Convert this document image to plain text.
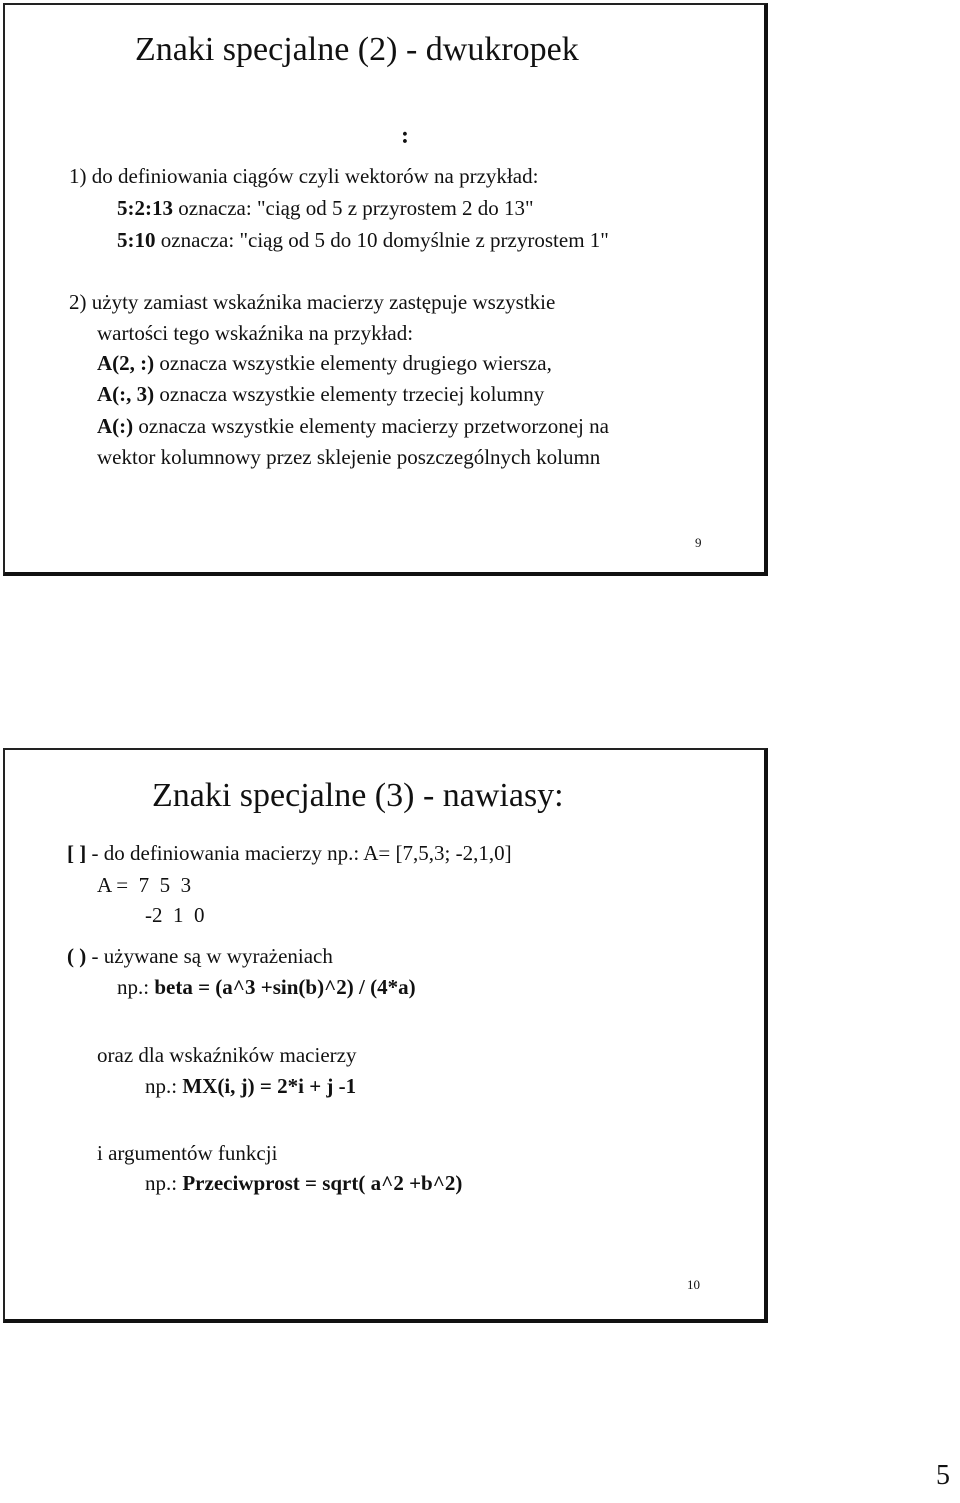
Znaki specjalne (2) - dwukropek
:
1) do definiowania ciągów czyli wektorów na przykład:
5:2:13 oznacza: "ciąg od 5 z przyrostem 2 do 13"
5:10 oznacza: "ciąg od 5 do 10 domyślnie z przyrostem 1"
2) użyty zamiast wskaźnika macierzy zastępuje wszystkie
wartości tego wskaźnika na przykład:
A(2, :) oznacza wszystkie elementy drugiego wiersza,
A(:, 3) oznacza wszystkie elementy trzeciej kolumny
A(:) oznacza wszystkie elementy macierzy przetworzonej na
wektor kolumnowy przez sklejenie poszczególnych kolumn
9
Znaki specjalne (3) - nawiasy:
[ ] - do definiowania macierzy np.: A= [7,5,3; -2,1,0]
A =  7  5  3
-2  1  0
( ) - używane są w wyrażeniach
np.: beta = (a^3 +sin(b)^2) / (4*a)
oraz dla wskaźników macierzy
np.: MX(i, j) = 2*i + j -1
i argumentów funkcji
np.: Przeciwprost = sqrt( a^2 +b^2)
10
5
